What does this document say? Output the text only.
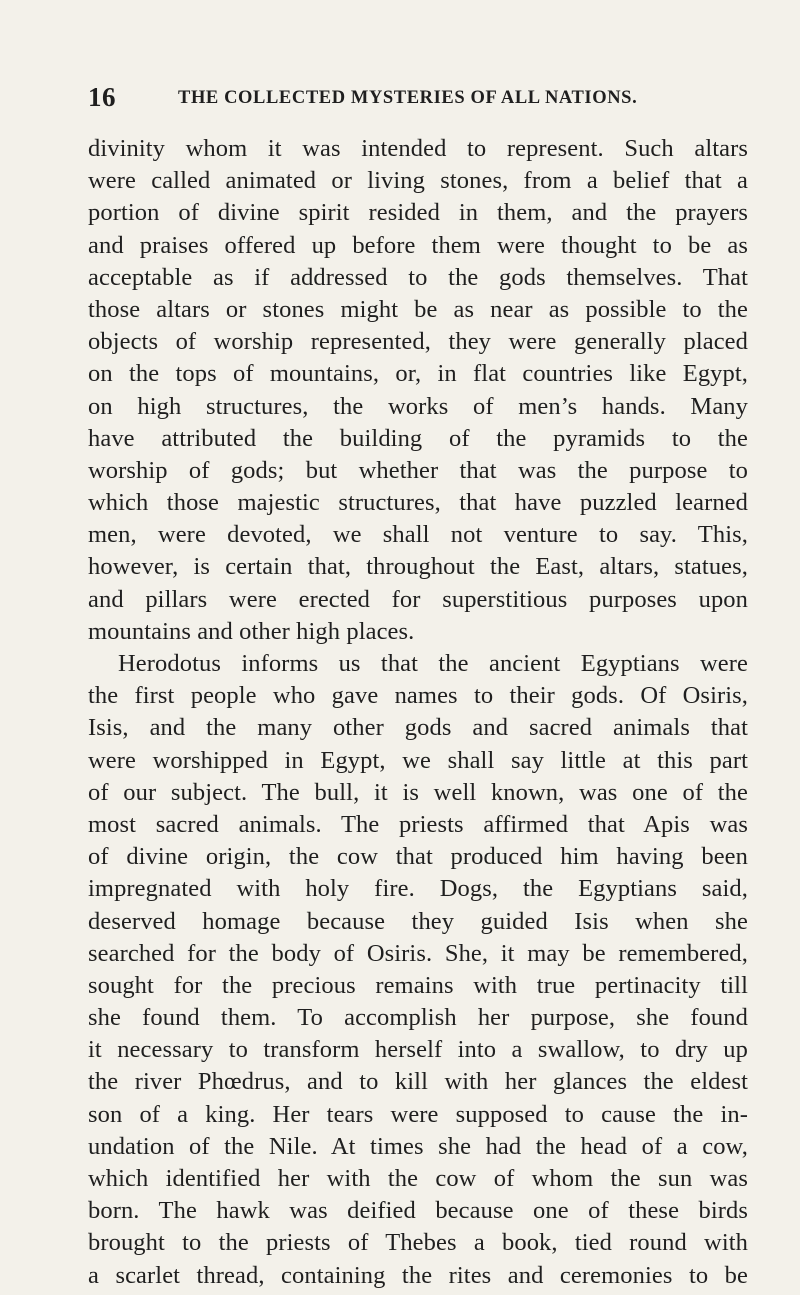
16	THE COLLECTED MYSTERIES OF ALL NATIONS.
divinity whom it was intended to represent. Such altars
were called animated or living stones, from a belief that a
portion of divine spirit resided in them, and the prayers
and praises offered up before them were thought to be as
acceptable as if addressed to the gods themselves. That
those altars or stones might be as near as possible to the
objects of worship represented, they were generally placed
on the tops of mountains, or, in flat countries like Egypt,
on high structures, the works of men’s hands. Many
have attributed the building of the pyramids to the
worship of gods; but whether that was the purpose to
which those majestic structures, that have puzzled learned
men, were devoted, we shall not venture to say. This,
however, is certain that, throughout the East, altars, statues,
and pillars were erected for superstitious purposes upon
mountains and other high places.
Herodotus informs us that the ancient Egyptians were
the first people who gave names to their gods. Of Osiris,
Isis, and the many other gods and sacred animals that
were worshipped in Egypt, we shall say little at this part
of our subject. The bull, it is well known, was one of the
most sacred animals. The priests affirmed that Apis was
of divine origin, the cow that produced him having been
impregnated with holy fire. Dogs, the Egyptians said,
deserved homage because they guided Isis when she
searched for the body of Osiris. She, it may be remembered,
sought for the precious remains with true pertinacity till
she found them. To accomplish her purpose, she found
it necessary to transform herself into a swallow, to dry up
the river Phœdrus, and to kill with her glances the eldest
son of a king. Her tears were supposed to cause the in-
undation of the Nile. At times she had the head of a cow,
which identified her with the cow of whom the sun was
born. The hawk was deified because one of these birds
brought to the priests of Thebes a book, tied round with
a scarlet thread, containing the rites and ceremonies to be
